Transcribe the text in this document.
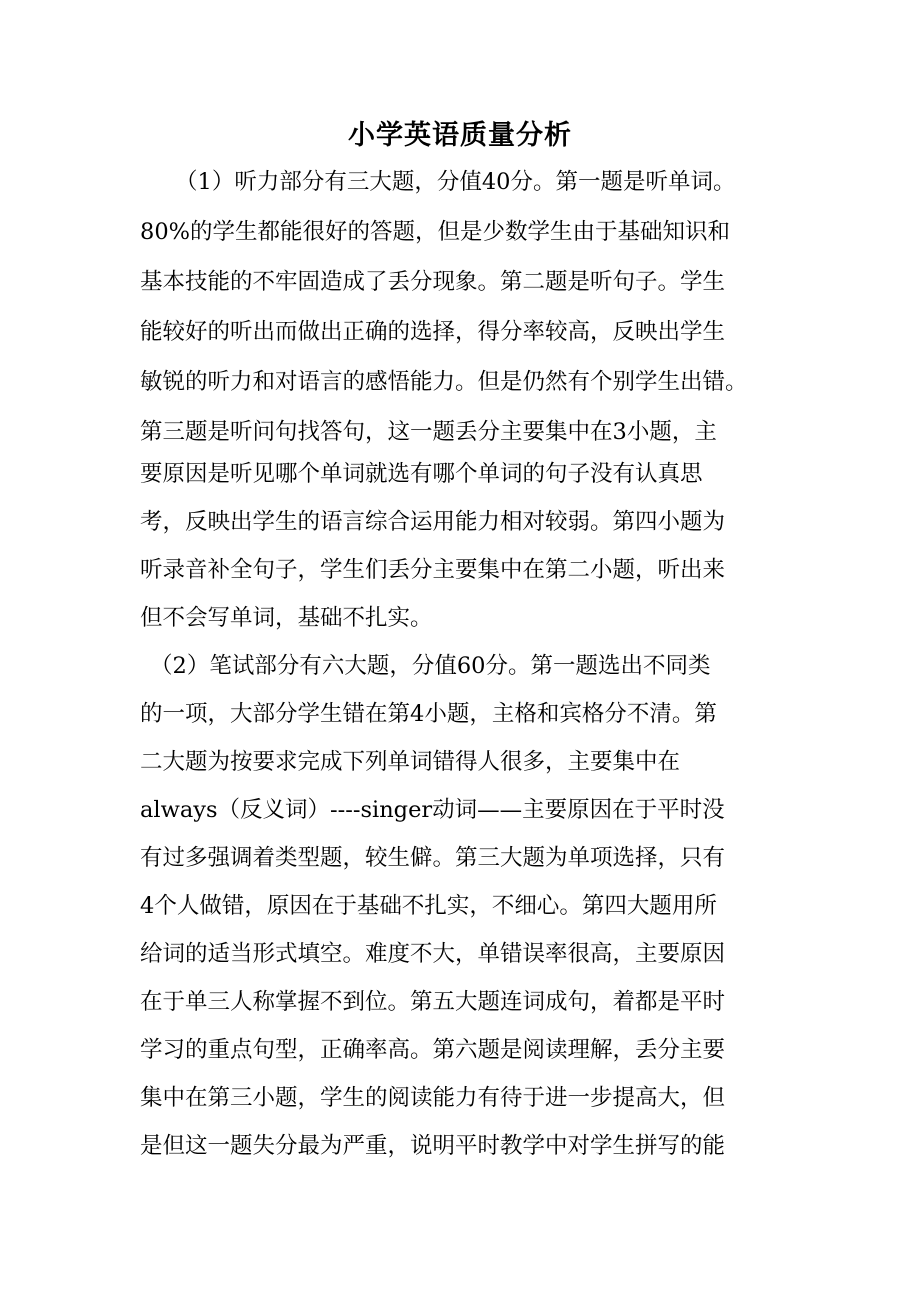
小学英语质量分析
（1）听力部分有三大题，分值40分。第一题是听单词。
80%的学生都能很好的答题，但是少数学生由于基础知识和
基本技能的不牢固造成了丢分现象。第二题是听句子。学生
能较好的听出而做出正确的选择，得分率较高，反映出学生
敏锐的听力和对语言的感悟能力。但是仍然有个别学生出错。
第三题是听问句找答句，这一题丢分主要集中在3小题，主
要原因是听见哪个单词就选有哪个单词的句子没有认真思
考，反映出学生的语言综合运用能力相对较弱。第四小题为
听录音补全句子，学生们丢分主要集中在第二小题，听出来
但不会写单词，基础不扎实。
（2）笔试部分有六大题，分值60分。第一题选出不同类
的一项，大部分学生错在第4小题，主格和宾格分不清。第
二大题为按要求完成下列单词错得人很多，主要集中在
always（反义词）----singer动词——主要原因在于平时没
有过多强调着类型题，较生僻。第三大题为单项选择，只有
4个人做错，原因在于基础不扎实，不细心。第四大题用所
给词的适当形式填空。难度不大，单错误率很高，主要原因
在于单三人称掌握不到位。第五大题连词成句，着都是平时
学习的重点句型，正确率高。第六题是阅读理解，丢分主要
集中在第三小题，学生的阅读能力有待于进一步提高大，但
是但这一题失分最为严重，说明平时教学中对学生拼写的能
